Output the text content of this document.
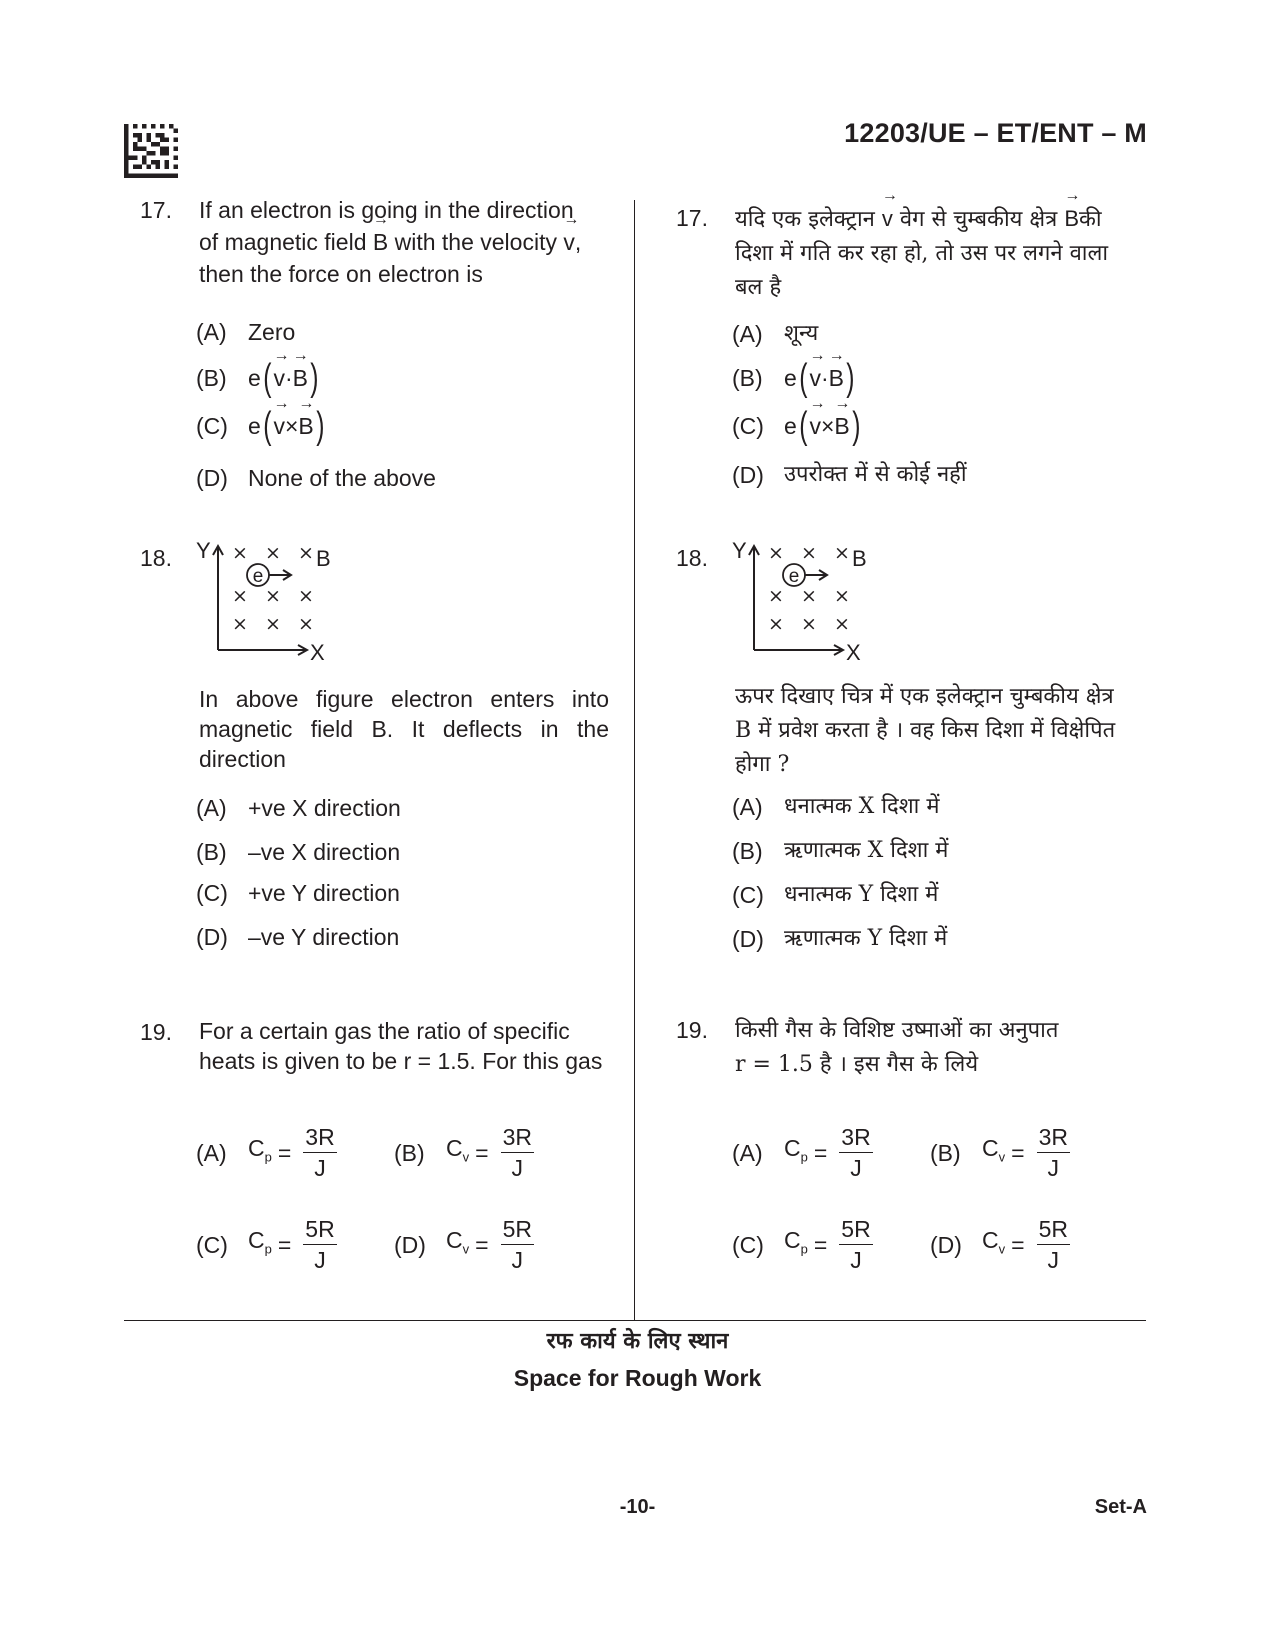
12203/UE – ET/ENT – M
17. If an electron is going in the direction
of magnetic field → B with the velocity → v,
then the force on electron is
(A) Zero
(B) e ( → v · → B )
(C) e ( → v × → B )
(D) None of the above
18. Y
X
B
× × ×
× × ×
× × ×
e
In above figure electron enters into magnetic field B. It deflects in the direction
(A) +ve X direction
(B) –ve X direction
(C) +ve Y direction
(D) –ve Y direction
19. For a certain gas the ratio of specific heats is given to be r = 1.5. For this gas
(A) $C_p = \frac{3R}{J} (B) C_v = \frac{3R}{J}$
(C) $C_p = \frac{5R}{J} (D) C_v = \frac{5R}{J}$
17. यदि एक इलेक्ट्रान → v वेग से चुम्बकीय क्षेत्र → Bकी
दिशा में गति कर रहा हो, तो उस पर लगने वाला
बल है
(A) शून्य
(B) e ( → v · → B )
(C) e ( → v × → B )
(D) उपरोक्त में से कोई नहीं
18. Y
X
B
× × ×
× × ×
× × ×
e
ऊपर दिखाए चित्र में एक इलेक्ट्रान चुम्बकीय क्षेत्र
B में प्रवेश करता है । वह किस दिशा में विक्षेपित
होगा ?
(A) धनात्मक X दिशा में
(B) ऋणात्मक X दिशा में
(C) धनात्मक Y दिशा में
(D) ऋणात्मक Y दिशा में
19. किसी गैस के विशिष्ट उष्माओं का अनुपात
r = 1.5 है । इस गैस के लिये
(A) $C_p = \frac{3R}{J} (B) C_v = \frac{3R}{J}$
(C) $C_p = \frac{5R}{J} (D) C_v = \frac{5R}{J}$
रफ कार्य के लिए स्थान
Space for Rough Work
-10-	Set-A
